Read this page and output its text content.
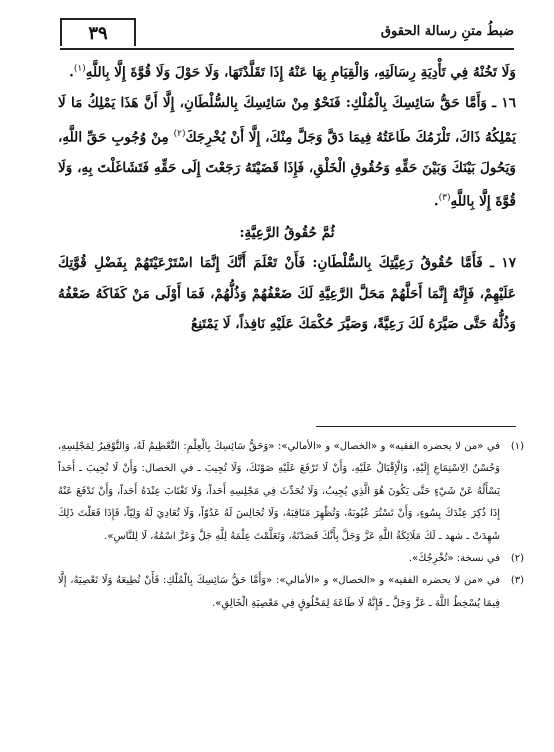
٣٩	ضبطُ متنِ رسالة الحقوق

وَلَا تَخُنْهُ فِي تَأْدِيَةِ رِسَالَتِهِ، وَالْقِيَامِ بِهَا عَنْهُ إِذَا تَقَلَّدْتَهَا، وَلَا حَوْلَ وَلَا قُوَّةَ إِلَّا بِاللَّهِ$^{(١)}$.

١٦ ـ وَأَمَّا حَقُّ سَائِسِكَ بِالْمُلْكِ: فَنَحْوٌ مِنْ سَائِسِكَ بِالسُّلْطَانِ، إِلَّا أَنَّ هَذَا يَمْلِكُ مَا لَا يَمْلِكُهُ ذَاكَ، تَلْزَمُكَ طَاعَتُهُ فِيمَا دَقَّ وَجَلَّ مِنْكَ، إِلَّا أَنْ يُخْرِجَكَ$^{(٢)}$ مِنْ وُجُوبِ حَقِّ اللَّهِ، وَيَحُولَ بَيْنَكَ وَبَيْنَ حَقِّهِ وَحُقُوقِ الْخَلْقِ، فَإِذَا قَضَيْتَهُ رَجَعْتَ إِلَى حَقِّهِ فَتَشَاغَلْتَ بِهِ، وَلَا قُوَّةَ إِلَّا بِاللَّهِ$^{(٣)}$.

ثُمَّ حُقُوقُ الرَّعِيَّةِ:

١٧ ـ فَأَمَّا حُقُوقُ رَعِيَّتِكَ بِالسُّلْطَانِ: فَأَنْ تَعْلَمَ أَنَّكَ إِنَّمَا اسْتَرْعَيْتَهُمْ بِفَضْلِ قُوَّتِكَ عَلَيْهِمْ، فَإِنَّهُ إِنَّمَا أَحَلَّهُمْ مَحَلَّ الرَّعِيَّةِ لَكَ ضَعْفُهُمْ وَذُلُّهُمْ، فَمَا أَوْلَى مَنْ كَفَاكَهُ ضَعْفُهُ وَذُلُّهُ حَتَّى صَيَّرَهُ لَكَ رَعِيَّةً، وَصَيَّرَ حُكْمَكَ عَلَيْهِ نَافِذاً، لَا يَمْتَنِعُ

(١)
في «من لا يحضره الفقيه» و «الخصال» و «الأمالي»: «وَحَقُّ سَائِسِكَ بِالْعِلْمِ: التَّعْظِيمُ لَهُ، وَالتَّوْقِيرُ لِمَجْلِسِهِ، وَحُسْنُ الِاسْتِمَاعِ إِلَيْهِ، وَالْإِقْبَالُ عَلَيْهِ، وَأَنْ لَا تَرْفَعَ عَلَيْهِ صَوْتَكَ، وَلَا تُجِيبَ ـ في الخصال: وَأَنْ لَا تُجِيبَ ـ أَحَداً يَسْأَلُهُ عَنْ شَيْءٍ حَتَّى يَكُونَ هُوَ الَّذِي يُجِيبُ، وَلَا تُحَدِّثَ فِي مَجْلِسِهِ أَحَداً، وَلَا تَغْتَابَ عِنْدَهُ أَحَداً، وَأَنْ تَدْفَعَ عَنْهُ إِذَا ذُكِرَ عِنْدَكَ بِسُوءٍ، وَأَنْ تَسْتُرَ عُيُوبَهُ، وَتُظْهِرَ مَنَاقِبَهُ، وَلَا تُجَالِسَ لَهُ عَدُوّاً، وَلَا تُعَادِيَ لَهُ وَلِيّاً، فَإِذَا فَعَلْتَ ذَلِكَ شَهِدَتْ ـ شهد ـ لَكَ مَلَائِكَةُ اللَّهِ عَزَّ وَجَلَّ بِأَنَّكَ قَصَدْتَهُ، وَتَعَلَّمْتَ عِلْمَهُ لِلَّهِ جَلَّ وَعَزَّ اسْمُهُ، لَا لِلنَّاسِ».

(٢)
في نسخة: «تُخْرِجُكَ».

(٣)
في «من لا يحضره الفقيه» و «الخصال» و «الأمالي»: «وَأَمَّا حَقُّ سَائِسِكَ بِالْمُلْكِ: فَأَنْ تُطِيعَهُ وَلَا تَعْصِيَهُ، إِلَّا فِيمَا يُسْخِطُ اللَّهَ ـ عَزَّ وَجَلَّ ـ فَإِنَّهُ لَا طَاعَةَ لِمَخْلُوقٍ فِي مَعْصِيَةِ الْخَالِقِ».
